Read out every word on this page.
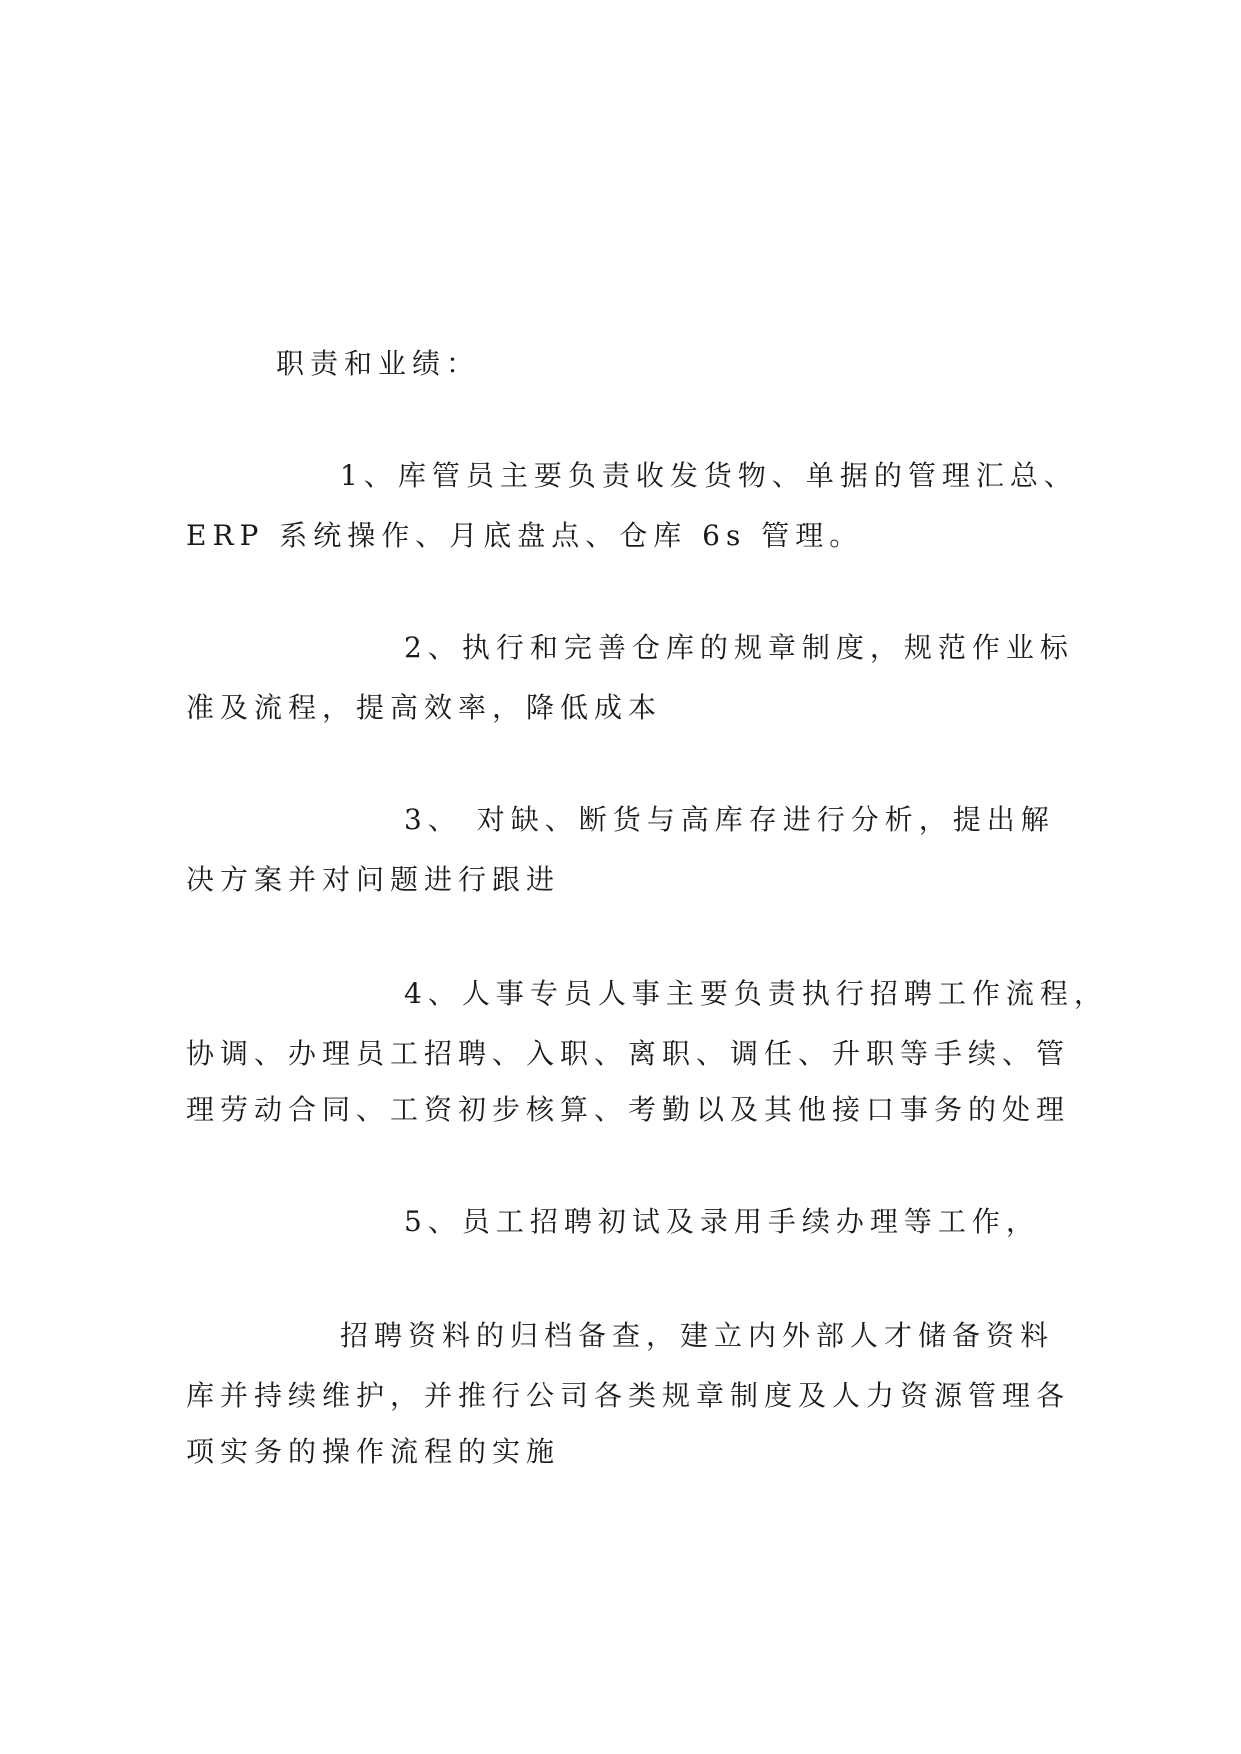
职责和业绩：

1、库管员主要负责收发货物、单据的管理汇总、

ERP 系统操作、月底盘点、仓库 6s 管理。

2、执行和完善仓库的规章制度，规范作业标

准及流程，提高效率，降低成本

3、 对缺、断货与高库存进行分析，提出解

决方案并对问题进行跟进

4、人事专员人事主要负责执行招聘工作流程，

协调、办理员工招聘、入职、离职、调任、升职等手续、管

理劳动合同、工资初步核算、考勤以及其他接口事务的处理

5、员工招聘初试及录用手续办理等工作，

招聘资料的归档备查，建立内外部人才储备资料

库并持续维护，并推行公司各类规章制度及人力资源管理各

项实务的操作流程的实施
